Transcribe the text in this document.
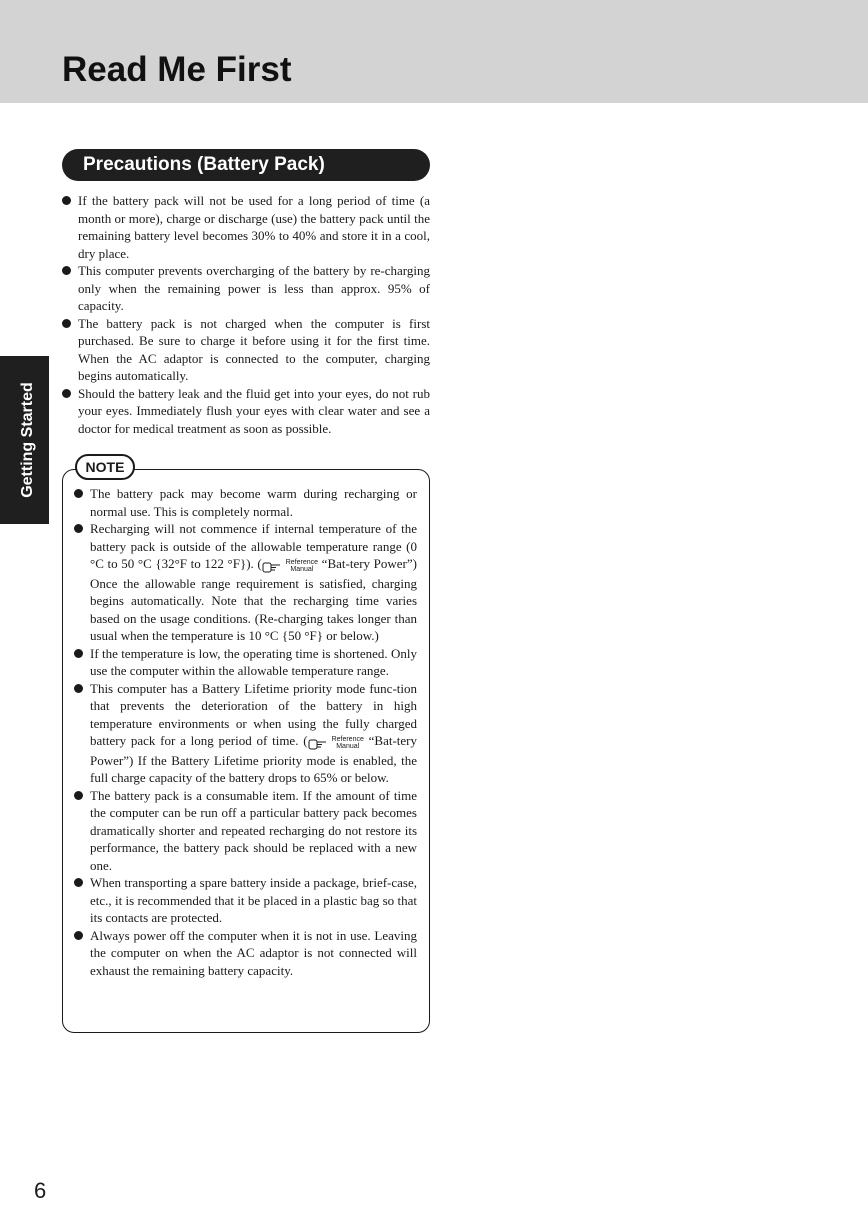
Read Me First
Getting Started
Precautions (Battery Pack)
If the battery pack will not be used for a long period of time (a month or more), charge or discharge (use) the battery pack until the remaining battery level becomes 30% to 40% and store it in a cool, dry place.
This computer prevents overcharging of the battery by re-charging only when the remaining power is less than approx. 95% of capacity.
The battery pack is not charged when the computer is first purchased. Be sure to charge it before using it for the first time. When the AC adaptor is connected to the computer, charging begins automatically.
Should the battery leak and the fluid get into your eyes, do not rub your eyes. Immediately flush your eyes with clear water and see a doctor for medical treatment as soon as possible.
NOTE
The battery pack may become warm during recharging or normal use. This is completely normal.
Recharging will not commence if internal temperature of the battery pack is outside of the allowable temperature range (0 °C to 50 °C {32°F to 122 °F}). (	Reference
Manual “Bat-tery Power”) Once the allowable range requirement is satisfied, charging begins automatically. Note that the recharging time varies based on the usage conditions. (Re-charging takes longer than usual when the temperature is 10 °C {50 °F} or below.)
If the temperature is low, the operating time is shortened. Only use the computer within the allowable temperature range.
This computer has a Battery Lifetime priority mode func-tion that prevents the deterioration of the battery in high temperature environments or when using the fully charged battery pack for a long period of time. (	Reference
Manual “Bat-tery Power”) If the Battery Lifetime priority mode is enabled, the full charge capacity of the battery drops to 65% or below.
The battery pack is a consumable item. If the amount of time the computer can be run off a particular battery pack becomes dramatically shorter and repeated recharging do not restore its performance, the battery pack should be replaced with a new one.
When transporting a spare battery inside a package, brief-case, etc., it is recommended that it be placed in a plastic bag so that its contacts are protected.
Always power off the computer when it is not in use. Leaving the computer on when the AC adaptor is not connected will exhaust the remaining battery capacity.
6
